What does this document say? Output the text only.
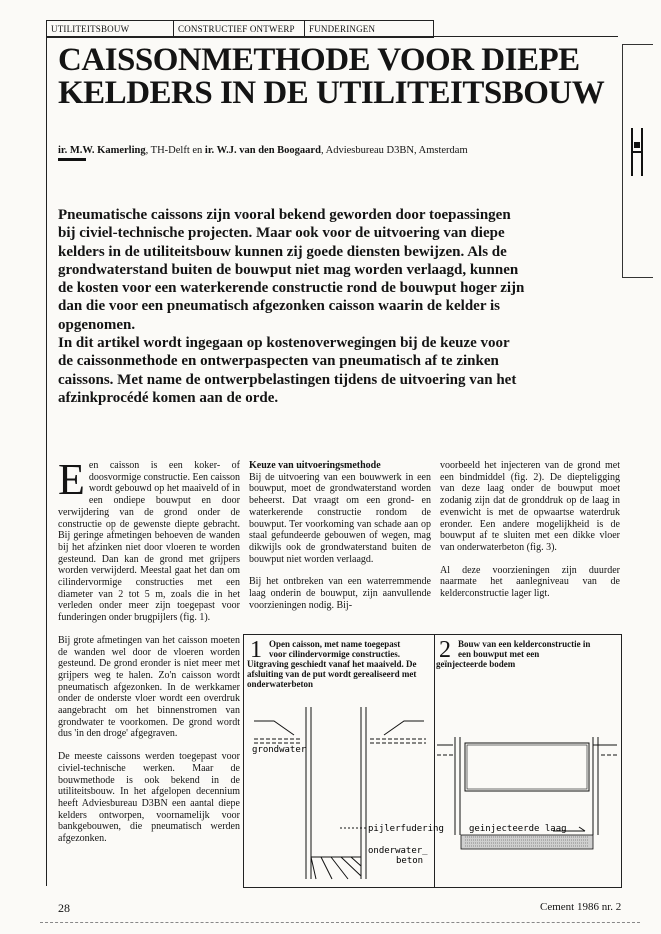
UTILITEITSBOUW	CONSTRUCTIEF ONTWERP	FUNDERINGEN
CAISSONMETHODE VOOR DIEPE KELDERS IN DE UTILITEITSBOUW
ir. M.W. Kamerling, TH-Delft en ir. W.J. van den Boogaard, Adviesbureau D3BN, Amsterdam

Pneumatische caissons zijn vooral bekend geworden door toepassingen bij civiel-technische projecten. Maar ook voor de uitvoering van diepe kelders in de utiliteitsbouw kunnen zij goede diensten bewijzen. Als de grondwaterstand buiten de bouwput niet mag worden verlaagd, kunnen de kosten voor een waterkerende constructie rond de bouwput hoger zijn dan die voor een pneumatisch afgezonken caisson waarin de kelder is opgenomen.

In dit artikel wordt ingegaan op kostenoverwegingen bij de keuze voor de caissonmethode en ontwerpaspecten van pneumatisch af te zinken caissons. Met name de ontwerpbelastingen tijdens de uitvoering van het afzinkprocédé komen aan de orde.

Een caisson is een koker- of doosvormige constructie. Een caisson wordt gebouwd op het maaiveld of in een ondiepe bouwput en door verwijdering van de grond onder de constructie op de gewenste diepte gebracht. Bij geringe afmetingen behoeven de wanden bij het afzinken niet door vloeren te worden gesteund. Dan kan de grond met grijpers worden verwijderd. Meestal gaat het dan om cilindervormige constructies met een diameter van 2 tot 5 m, zoals die in het verleden onder meer zijn toegepast voor funderingen onder brugpijlers (fig. 1).

Bij grote afmetingen van het caisson moeten de wanden wel door de vloeren worden gesteund. De grond eronder is niet meer met grijpers weg te halen. Zo'n caisson wordt pneumatisch afgezonken. In de werkkamer onder de onderste vloer wordt een overdruk aangebracht om het binnenstromen van grondwater te voorkomen. De grond wordt dus 'in den droge' afgegraven.

De meeste caissons werden toegepast voor civiel-technische werken. Maar de bouwmethode is ook bekend in de utiliteitsbouw. In het afgelopen decennium heeft Adviesbureau D3BN een aantal diepe kelders ontworpen, voornamelijk voor bankgebouwen, die pneumatisch werden afgezonken.

Keuze van uitvoeringsmethode

Bij de uitvoering van een bouwwerk in een bouwput, moet de grondwaterstand worden beheerst. Dat vraagt om een grond- en waterkerende constructie rondom de bouwput. Ter voorkoming van schade aan op staal gefundeerde gebouwen of wegen, mag dikwijls ook de grondwaterstand buiten de bouwput niet worden verlaagd.

Bij het ontbreken van een waterremmende laag onderin de bouwput, zijn aanvullende voorzieningen nodig. Bij-

voorbeeld het injecteren van de grond met een bindmiddel (fig. 2). De diepteligging van deze laag onder de bouwput moet zodanig zijn dat de gronddruk op de laag in evenwicht is met de opwaartse waterdruk eronder. Een andere mogelijkheid is de bouwput af te sluiten met een dikke vloer van onderwaterbeton (fig. 3).

Al deze voorzieningen zijn duurder naarmate het aanlegniveau van de kelderconstructie lager ligt.

1 Open caisson, met name toegepast
voor cilindervormige constructies.
Uitgraving geschiedt vanaf het maaiveld. De afsluiting van de put wordt gerealiseerd met onderwaterbeton
grondwater
pijlerfudering
onderwater_
beton
2 Bouw van een kelderconstructie in
een bouwput met een
geïnjecteerde bodem
geinjecteerde laag
28	Cement 1986 nr. 2
